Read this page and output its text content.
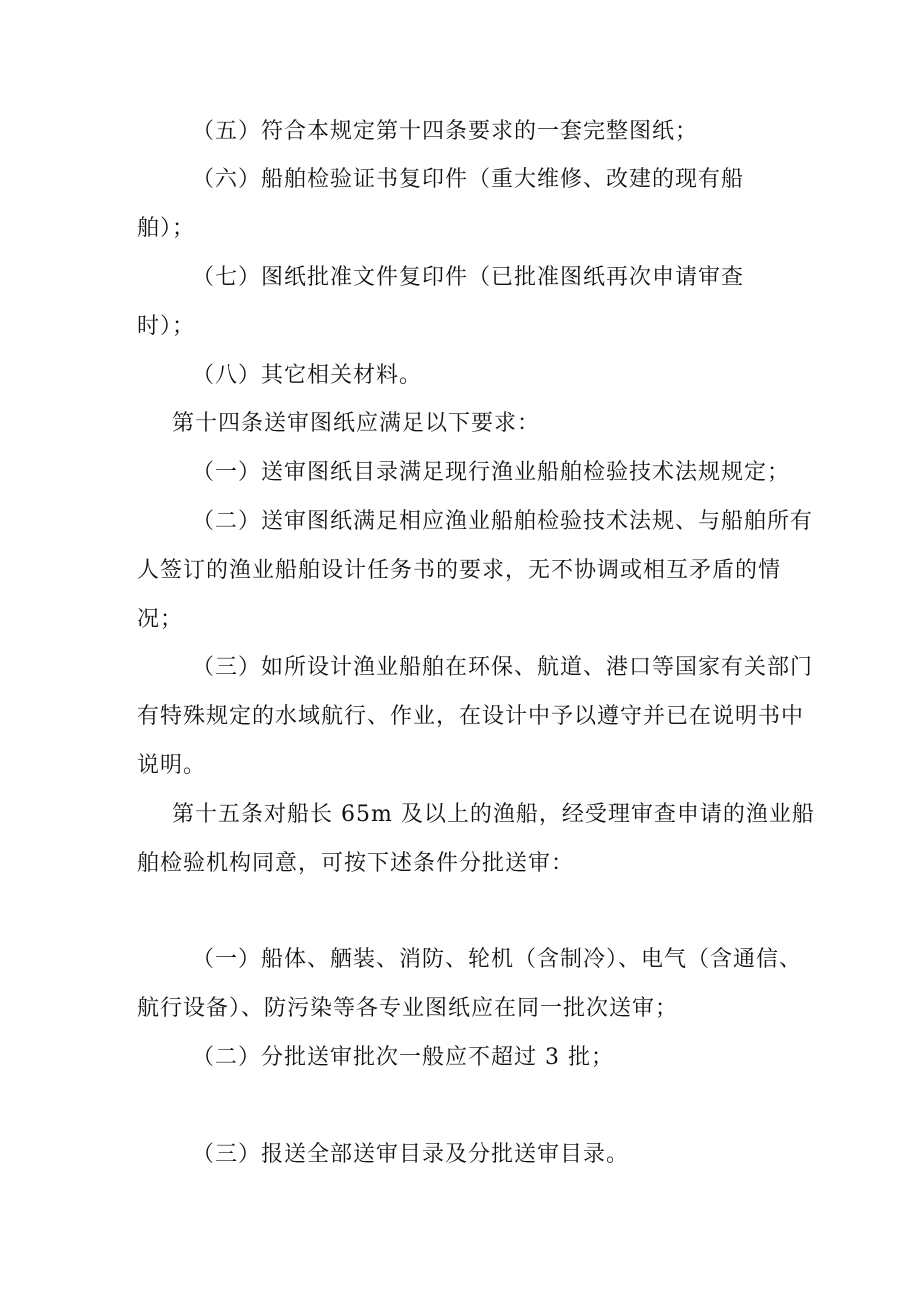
（五）符合本规定第十四条要求的一套完整图纸；
（六）船舶检验证书复印件（重大维修、改建的现有船
舶）；
（七）图纸批准文件复印件（已批准图纸再次申请审查
时）；
（八）其它相关材料。
第十四条送审图纸应满足以下要求：
（一）送审图纸目录满足现行渔业船舶检验技术法规规定；
（二）送审图纸满足相应渔业船舶检验技术法规、与船舶所有
人签订的渔业船舶设计任务书的要求，无不协调或相互矛盾的情
况；
（三）如所设计渔业船舶在环保、航道、港口等国家有关部门
有特殊规定的水域航行、作业，在设计中予以遵守并已在说明书中
说明。
第十五条对船长 65m 及以上的渔船，经受理审查申请的渔业船
舶检验机构同意，可按下述条件分批送审：
（一）船体、舾装、消防、轮机（含制冷）、电气（含通信、
航行设备）、防污染等各专业图纸应在同一批次送审；
（二）分批送审批次一般应不超过 3 批；
（三）报送全部送审目录及分批送审目录。
